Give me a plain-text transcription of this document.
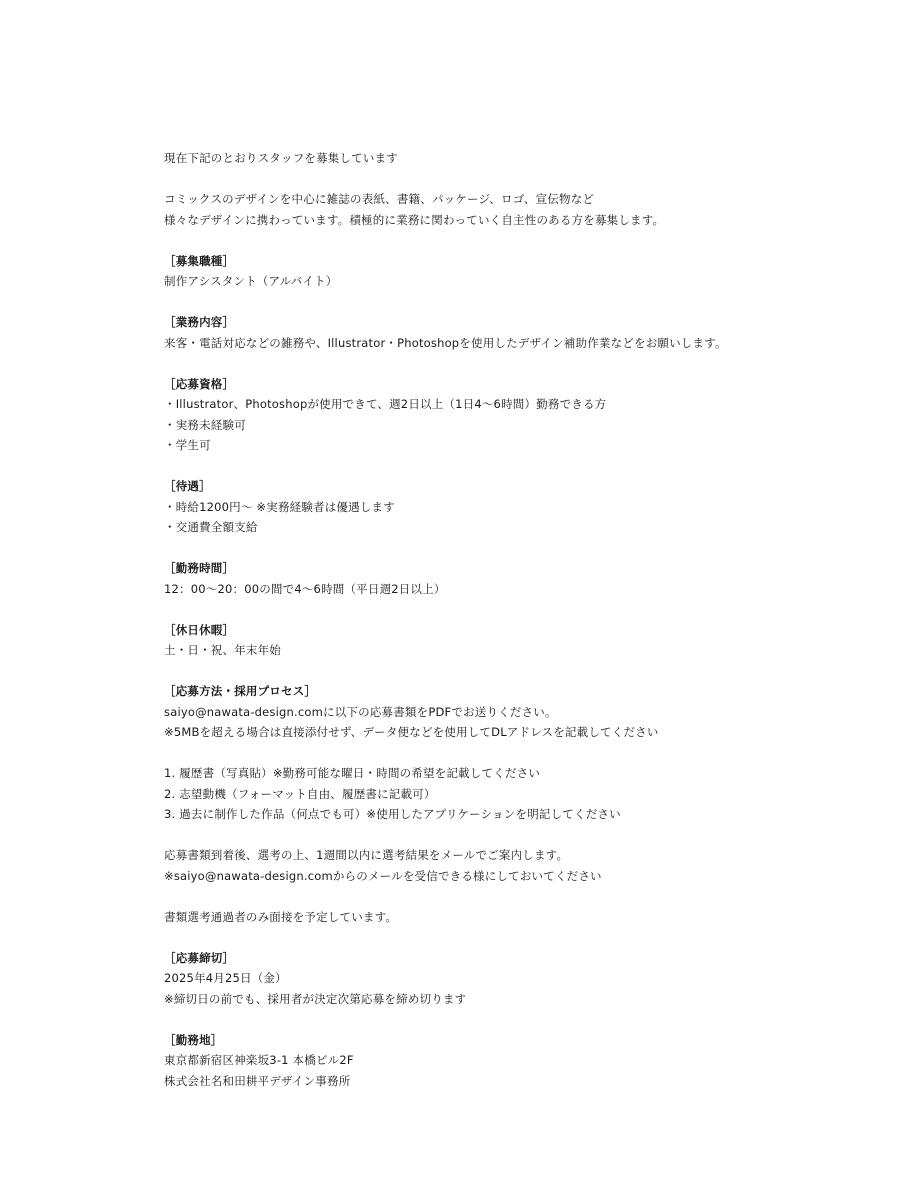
現在下記のとおりスタッフを募集しています
コミックスのデザインを中心に雑誌の表紙、書籍、パッケージ、ロゴ、宣伝物など
様々なデザインに携わっています。積極的に業務に関わっていく自主性のある方を募集します。
［募集職種］
制作アシスタント（アルバイト）
［業務内容］
来客・電話対応などの雑務や、Illustrator・Photoshopを使用したデザイン補助作業などをお願いします。
［応募資格］
・Illustrator、Photoshopが使用できて、週2日以上（1日4〜6時間）勤務できる方
・実務未経験可
・学生可
［待遇］
・時給1200円〜 ※実務経験者は優遇します
・交通費全額支給
［勤務時間］
12：00〜20：00の間で4〜6時間（平日週2日以上）
［休日休暇］
土・日・祝、年末年始
［応募方法・採用プロセス］
saiyo@nawata-design.comに以下の応募書類をPDFでお送りください。
※5MBを超える場合は直接添付せず、データ便などを使用してDLアドレスを記載してください
1. 履歴書（写真貼）※勤務可能な曜日・時間の希望を記載してください
2. 志望動機（フォーマット自由、履歴書に記載可）
3. 過去に制作した作品（何点でも可）※使用したアプリケーションを明記してください
応募書類到着後、選考の上、1週間以内に選考結果をメールでご案内します。
※saiyo@nawata-design.comからのメールを受信できる様にしておいてください
書類選考通過者のみ面接を予定しています。
［応募締切］
2025年4月25日（金）
※締切日の前でも、採用者が決定次第応募を締め切ります
［勤務地］
東京都新宿区神楽坂3-1 本橋ビル2F
株式会社名和田耕平デザイン事務所
